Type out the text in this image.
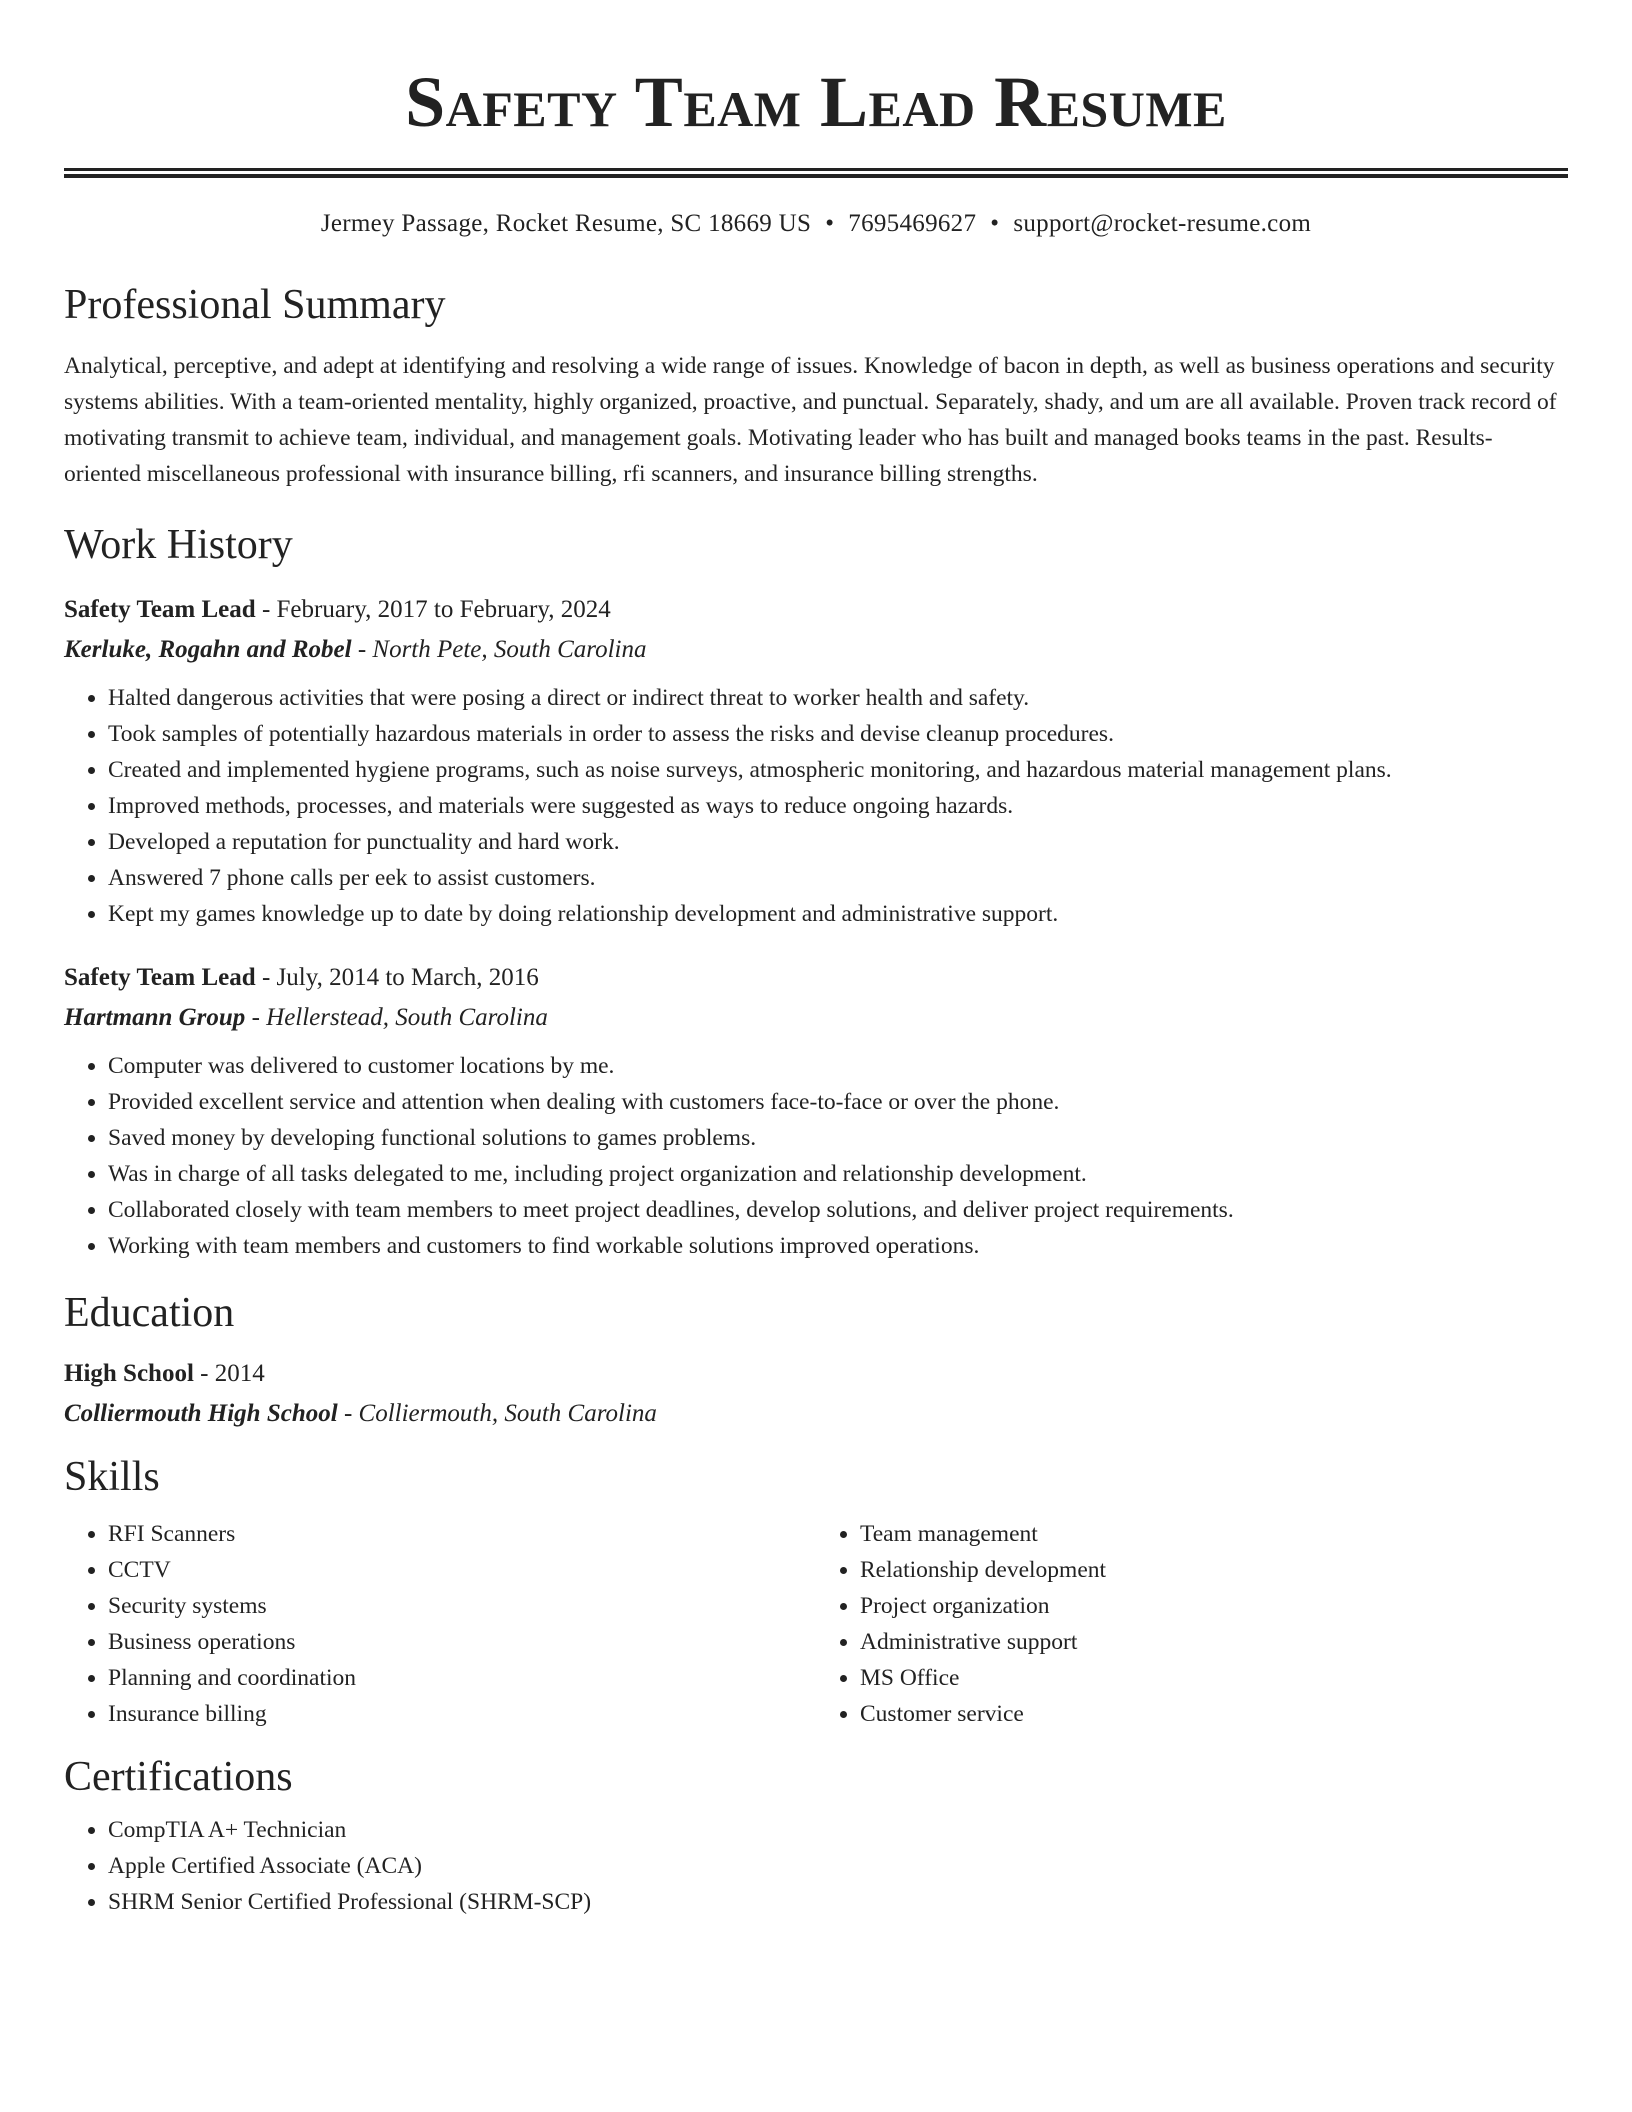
Safety Team Lead Resume
Jermey Passage, Rocket Resume, SC 18669 US • 7695469627 • support@rocket-resume.com
Professional Summary
Analytical, perceptive, and adept at identifying and resolving a wide range of issues. Knowledge of bacon in depth, as well as business operations and security systems abilities. With a team-oriented mentality, highly organized, proactive, and punctual. Separately, shady, and um are all available. Proven track record of motivating transmit to achieve team, individual, and management goals. Motivating leader who has built and managed books teams in the past. Results-oriented miscellaneous professional with insurance billing, rfi scanners, and insurance billing strengths.
Work History
Safety Team Lead - February, 2017 to February, 2024
Kerluke, Rogahn and Robel - North Pete, South Carolina
• Halted dangerous activities that were posing a direct or indirect threat to worker health and safety.
• Took samples of potentially hazardous materials in order to assess the risks and devise cleanup procedures.
• Created and implemented hygiene programs, such as noise surveys, atmospheric monitoring, and hazardous material management plans.
• Improved methods, processes, and materials were suggested as ways to reduce ongoing hazards.
• Developed a reputation for punctuality and hard work.
• Answered 7 phone calls per eek to assist customers.
• Kept my games knowledge up to date by doing relationship development and administrative support.
Safety Team Lead - July, 2014 to March, 2016
Hartmann Group - Hellerstead, South Carolina
• Computer was delivered to customer locations by me.
• Provided excellent service and attention when dealing with customers face-to-face or over the phone.
• Saved money by developing functional solutions to games problems.
• Was in charge of all tasks delegated to me, including project organization and relationship development.
• Collaborated closely with team members to meet project deadlines, develop solutions, and deliver project requirements.
• Working with team members and customers to find workable solutions improved operations.
Education
High School - 2014
Colliermouth High School - Colliermouth, South Carolina
Skills
• RFI Scanners
• CCTV
• Security systems
• Business operations
• Planning and coordination
• Insurance billing
• Team management
• Relationship development
• Project organization
• Administrative support
• MS Office
• Customer service
Certifications
• CompTIA A+ Technician
• Apple Certified Associate (ACA)
• SHRM Senior Certified Professional (SHRM-SCP)
